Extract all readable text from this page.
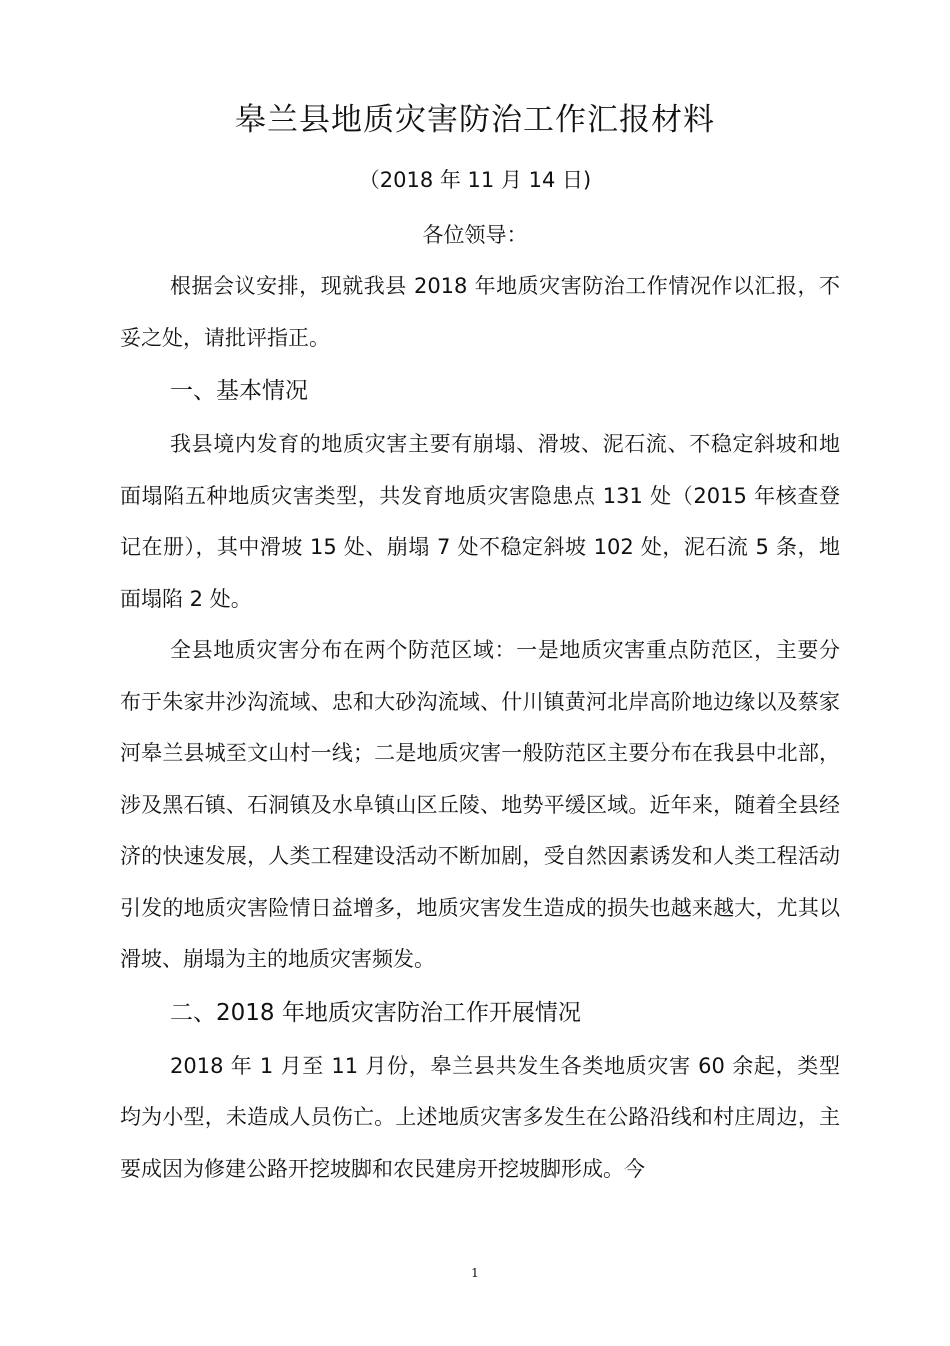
皋兰县地质灾害防治工作汇报材料
（2018 年 11 月 14 日)
各位领导：

根据会议安排，现就我县 2018 年地质灾害防治工作情况作以汇报，不妥之处，请批评指正。

一、基本情况

我县境内发育的地质灾害主要有崩塌、滑坡、泥石流、不稳定斜坡和地面塌陷五种地质灾害类型，共发育地质灾害隐患点 131 处（2015 年核查登记在册），其中滑坡 15 处、崩塌 7 处不稳定斜坡 102 处，泥石流 5 条，地面塌陷 2 处。

全县地质灾害分布在两个防范区域：一是地质灾害重点防范区，主要分布于朱家井沙沟流域、忠和大砂沟流域、什川镇黄河北岸高阶地边缘以及蔡家河皋兰县城至文山村一线；二是地质灾害一般防范区主要分布在我县中北部，涉及黑石镇、石洞镇及水阜镇山区丘陵、地势平缓区域。近年来，随着全县经济的快速发展，人类工程建设活动不断加剧，受自然因素诱发和人类工程活动引发的地质灾害险情日益增多，地质灾害发生造成的损失也越来越大，尤其以滑坡、崩塌为主的地质灾害频发。

二、2018 年地质灾害防治工作开展情况

2018 年 1 月至 11 月份，皋兰县共发生各类地质灾害 60 余起，类型均为小型，未造成人员伤亡。上述地质灾害多发生在公路沿线和村庄周边，主要成因为修建公路开挖坡脚和农民建房开挖坡脚形成。今

1
